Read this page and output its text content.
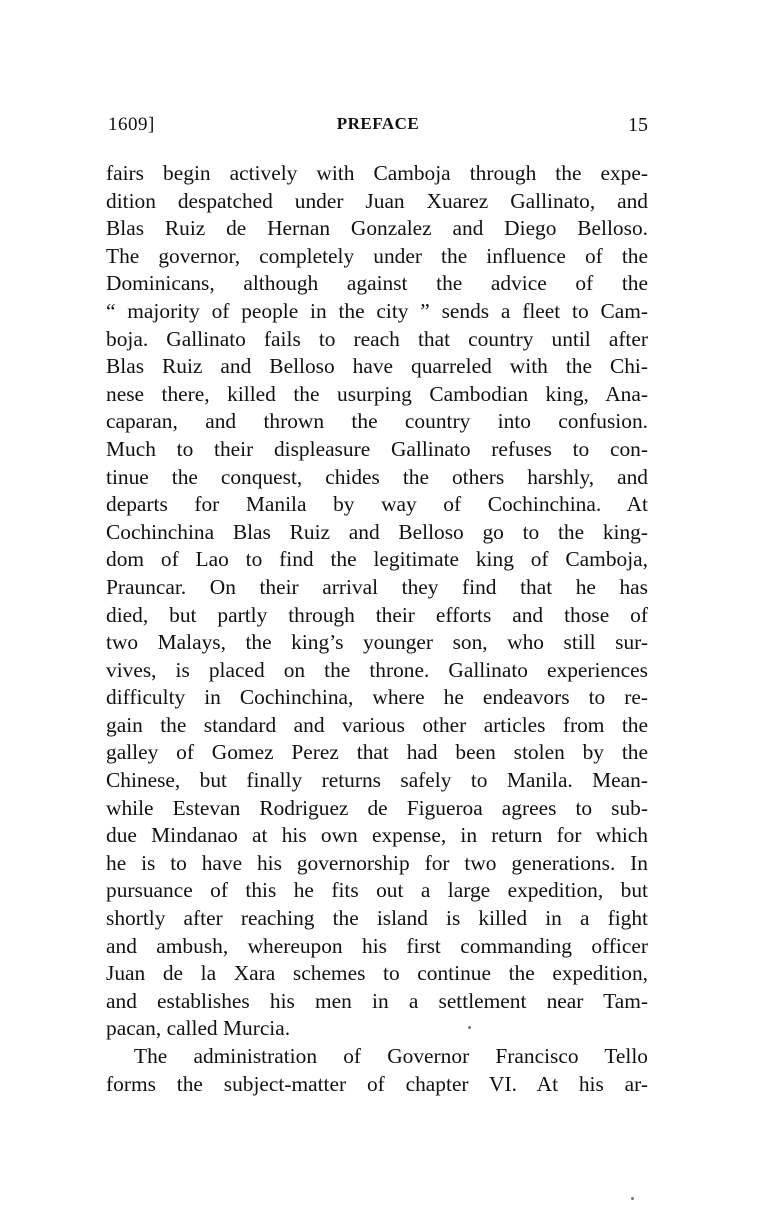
1609]	PREFACE	15
fairs begin actively with Camboja through the expe-
dition despatched under Juan Xuarez Gallinato, and
Blas Ruiz de Hernan Gonzalez and Diego Belloso.
The governor, completely under the influence of the
Dominicans, although against the advice of the
“ majority of people in the city ” sends a fleet to Cam-
boja. Gallinato fails to reach that country until after
Blas Ruiz and Belloso have quarreled with the Chi-
nese there, killed the usurping Cambodian king, Ana-
caparan, and thrown the country into confusion.
Much to their displeasure Gallinato refuses to con-
tinue the conquest, chides the others harshly, and
departs for Manila by way of Cochinchina. At
Cochinchina Blas Ruiz and Belloso go to the king-
dom of Lao to find the legitimate king of Camboja,
Prauncar. On their arrival they find that he has
died, but partly through their efforts and those of
two Malays, the king’s younger son, who still sur-
vives, is placed on the throne. Gallinato experiences
difficulty in Cochinchina, where he endeavors to re-
gain the standard and various other articles from the
galley of Gomez Perez that had been stolen by the
Chinese, but finally returns safely to Manila. Mean-
while Estevan Rodriguez de Figueroa agrees to sub-
due Mindanao at his own expense, in return for which
he is to have his governorship for two generations. In
pursuance of this he fits out a large expedition, but
shortly after reaching the island is killed in a fight
and ambush, whereupon his first commanding officer
Juan de la Xara schemes to continue the expedition,
and establishes his men in a settlement near Tam-
pacan, called Murcia.
The administration of Governor Francisco Tello
forms the subject-matter of chapter VI. At his ar-
